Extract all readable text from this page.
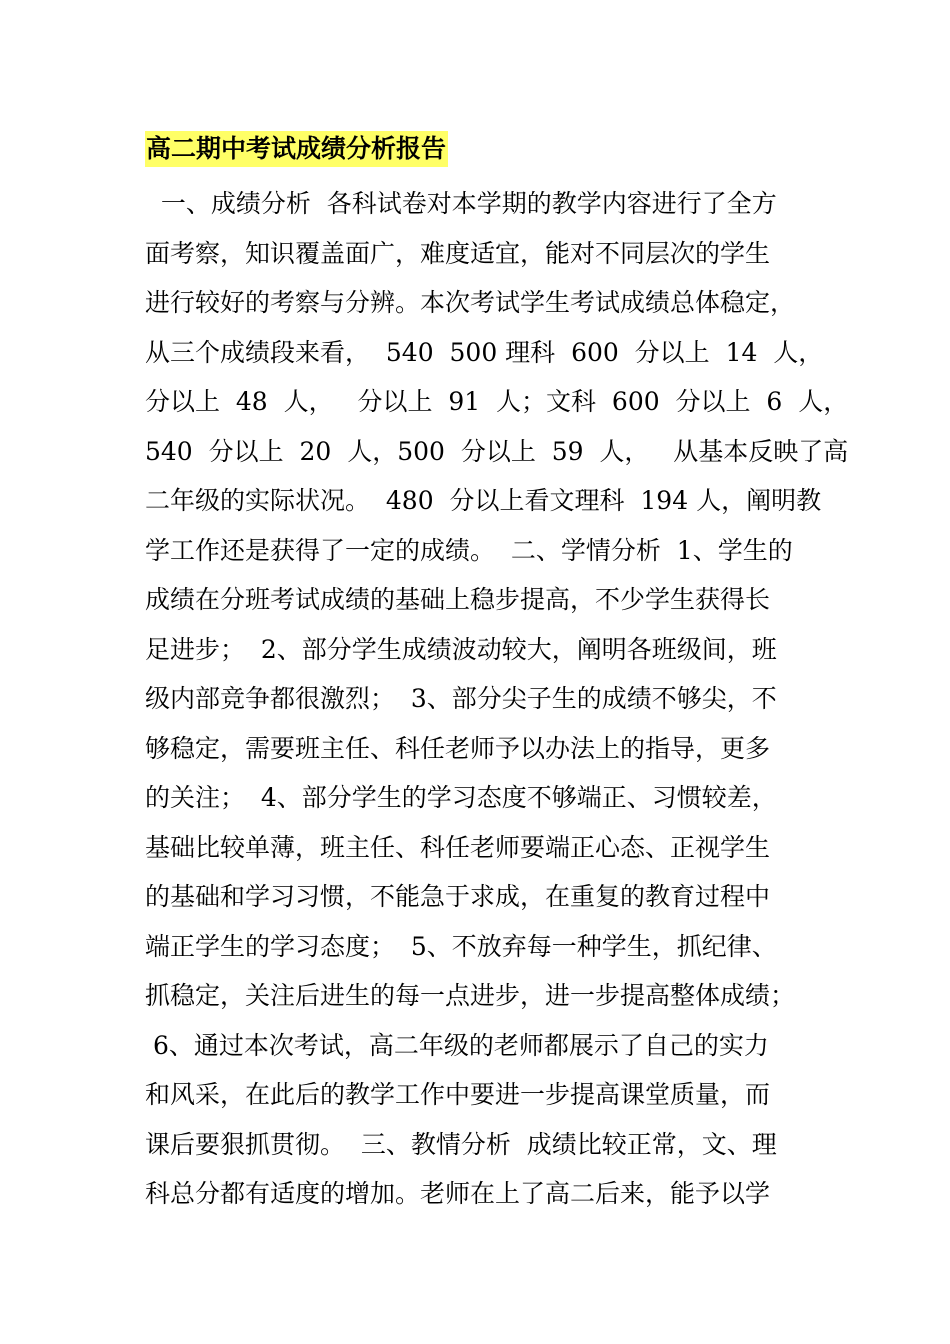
高二期中考试成绩分析报告
一、成绩分析  各科试卷对本学期的教学内容进行了全方
面考察，知识覆盖面广，难度适宜，能对不同层次的学生
进行较好的考察与分辨。本次考试学生考试成绩总体稳定，
从三个成绩段来看，  540  500 理科  600  分以上  14  人，
分以上  48  人，   分以上  91  人；文科  600  分以上  6  人，
540  分以上  20  人，500  分以上  59  人，   从基本反映了高
二年级的实际状况。  480  分以上看文理科  194 人，阐明教
学工作还是获得了一定的成绩。  二、学情分析  1、学生的
成绩在分班考试成绩的基础上稳步提高，不少学生获得长
足进步；  2、部分学生成绩波动较大，阐明各班级间，班
级内部竞争都很激烈；  3、部分尖子生的成绩不够尖，不
够稳定，需要班主任、科任老师予以办法上的指导，更多
的关注；  4、部分学生的学习态度不够端正、习惯较差，
基础比较单薄，班主任、科任老师要端正心态、正视学生
的基础和学习习惯，不能急于求成，在重复的教育过程中
端正学生的学习态度；  5、不放弃每一种学生，抓纪律、
抓稳定，关注后进生的每一点进步，进一步提高整体成绩；
6、通过本次考试，高二年级的老师都展示了自己的实力
和风采，在此后的教学工作中要进一步提高课堂质量，而
课后要狠抓贯彻。  三、教情分析  成绩比较正常，文、理
科总分都有适度的增加。老师在上了高二后来，能予以学
